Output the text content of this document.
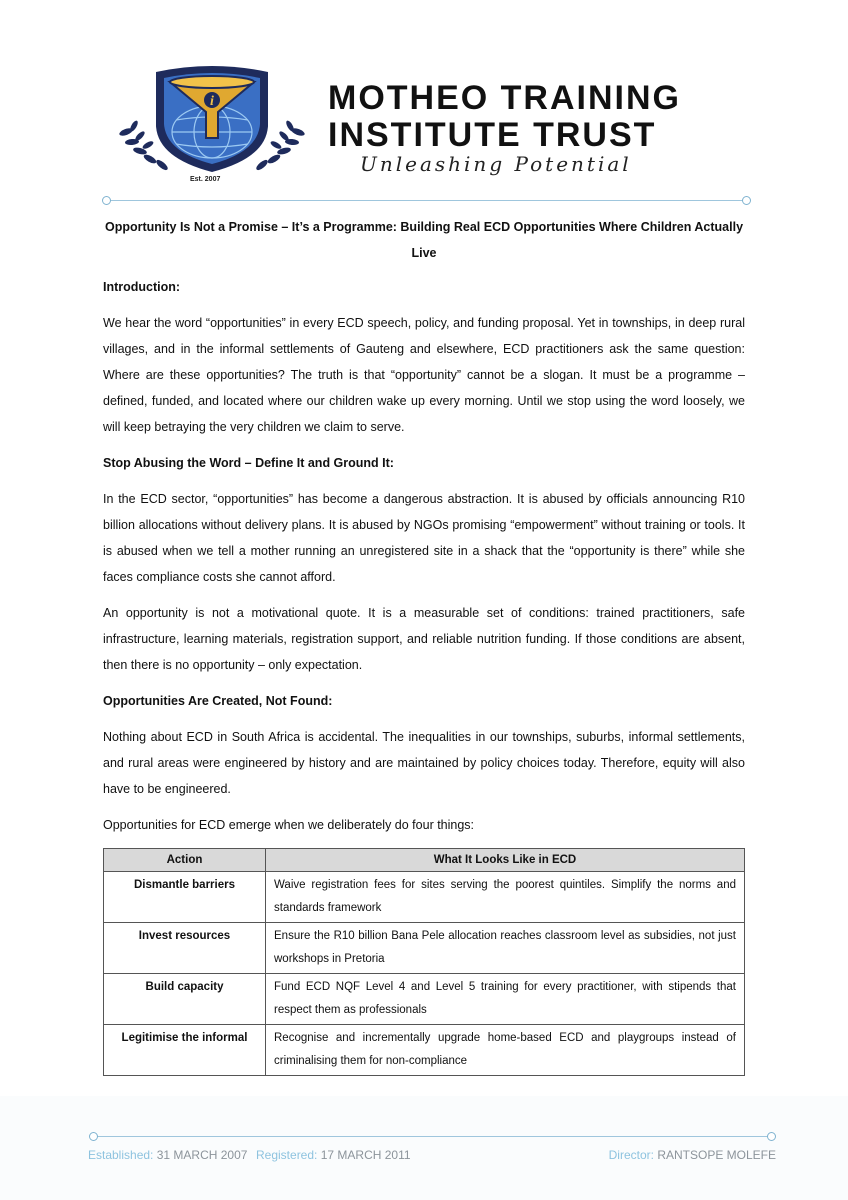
i
Est. 2007
MOTHEO TRAINING
INSTITUTE TRUST
Unleashing Potential
Opportunity Is Not a Promise – It’s a Programme: Building Real ECD Opportunities Where Children Actually Live
Introduction:
We hear the word “opportunities” in every ECD speech, policy, and funding proposal. Yet in townships, in deep rural villages, and in the informal settlements of Gauteng and elsewhere, ECD practitioners ask the same question: Where are these opportunities? The truth is that “opportunity” cannot be a slogan. It must be a programme – defined, funded, and located where our children wake up every morning. Until we stop using the word loosely, we will keep betraying the very children we claim to serve.
Stop Abusing the Word – Define It and Ground It:
In the ECD sector, “opportunities” has become a dangerous abstraction. It is abused by officials announcing R10 billion allocations without delivery plans. It is abused by NGOs promising “empowerment” without training or tools. It is abused when we tell a mother running an unregistered site in a shack that the “opportunity is there” while she faces compliance costs she cannot afford.
An opportunity is not a motivational quote. It is a measurable set of conditions: trained practitioners, safe infrastructure, learning materials, registration support, and reliable nutrition funding. If those conditions are absent, then there is no opportunity – only expectation.
Opportunities Are Created, Not Found:
Nothing about ECD in South Africa is accidental. The inequalities in our townships, suburbs, informal settlements, and rural areas were engineered by history and are maintained by policy choices today. Therefore, equity will also have to be engineered.
Opportunities for ECD emerge when we deliberately do four things:
Action	What It Looks Like in ECD
Dismantle barriers	Waive registration fees for sites serving the poorest quintiles. Simplify the norms and standards framework
Invest resources	Ensure the R10 billion Bana Pele allocation reaches classroom level as subsidies, not just workshops in Pretoria
Build capacity	Fund ECD NQF Level 4 and Level 5 training for every practitioner, with stipends that respect them as professionals
Legitimise the informal	Recognise and incrementally upgrade home-based ECD and playgroups instead of criminalising them for non-compliance
Established: 31 MARCH 2007 Registered: 17 MARCH 2011	Director: RANTSOPE MOLEFE
